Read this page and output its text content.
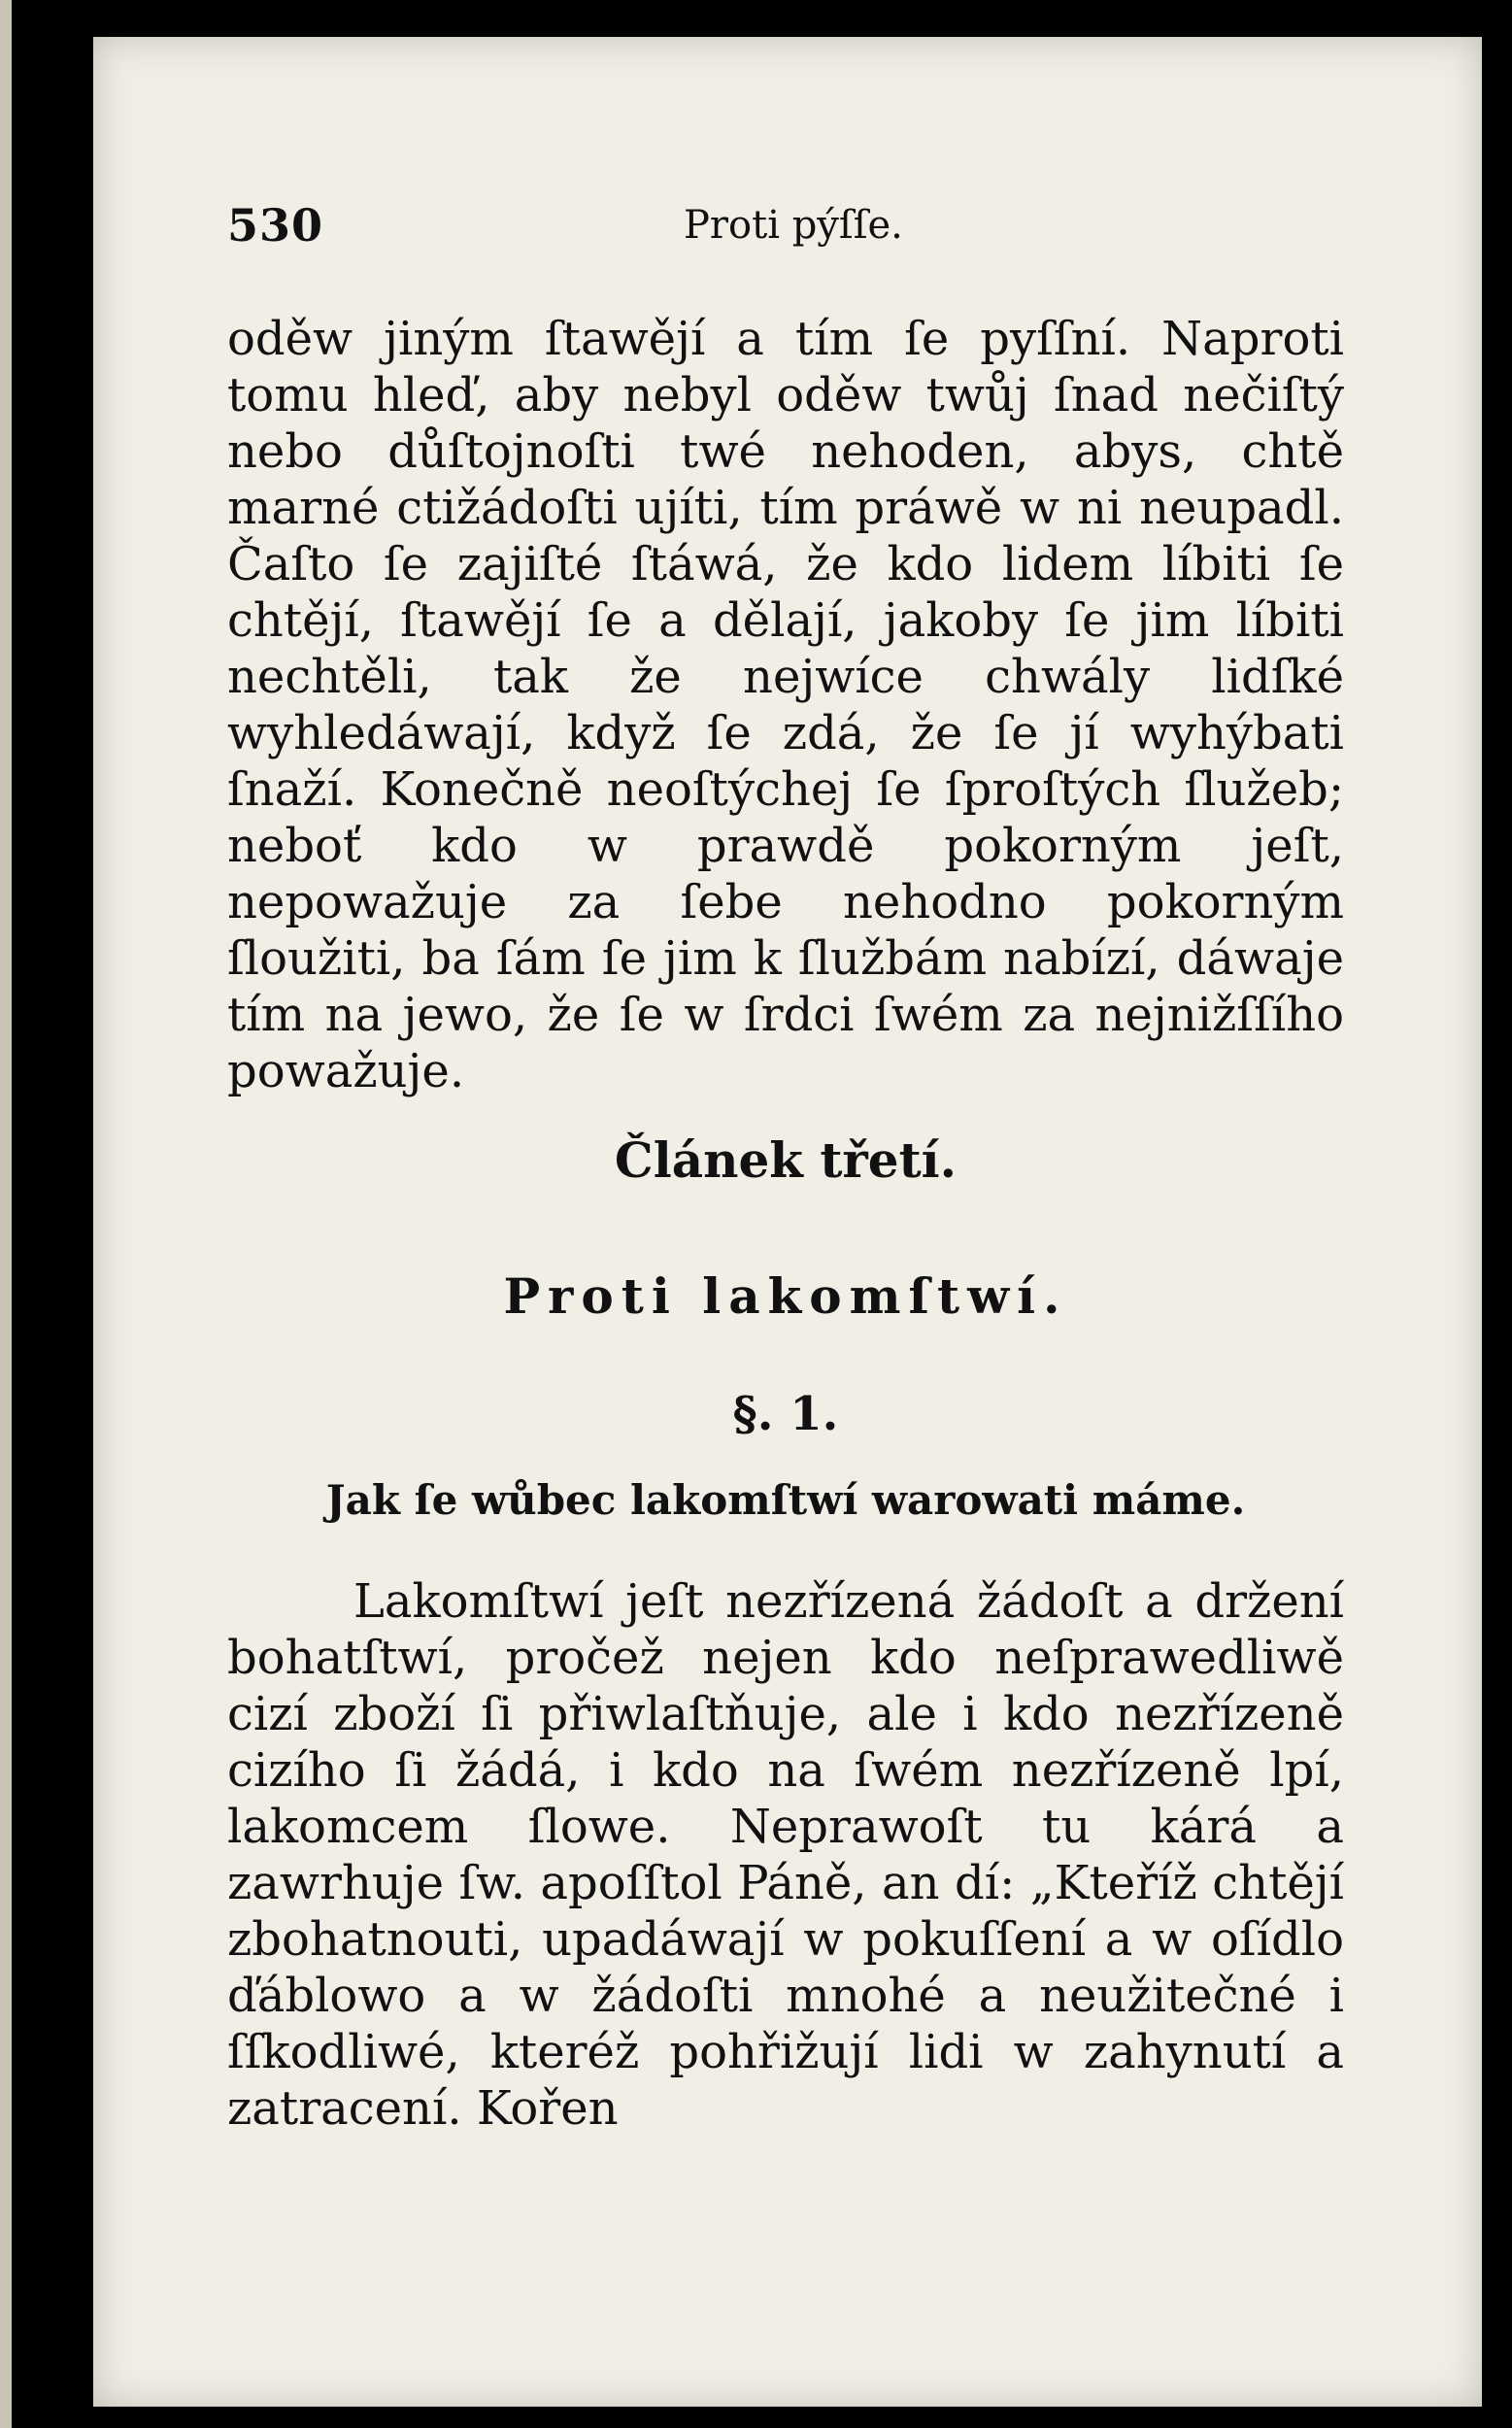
530	Proti pýſſe.
oděw jiným ſtawějí a tím ſe pyſſní. Naproti tomu hleď, aby nebyl oděw twůj ſnad nečiſtý nebo důſtojnoſti twé nehoden, abys, chtě marné ctižádoſti ujíti, tím práwě w ni neupadl. Čaſto ſe zajiſté ſtáwá, že kdo lidem líbiti ſe chtějí, ſtawějí ſe a dělají, jakoby ſe jim líbiti nechtěli, tak že nejwíce chwály lidſké wyhledáwají, když ſe zdá, že ſe jí wyhýbati ſnaží. Konečně neoſtýchej ſe ſproſtých ſlužeb; neboť kdo w prawdě pokorným jeſt, nepowažuje za ſebe nehodno pokorným ſloužiti, ba ſám ſe jim k ſlužbám nabízí, dáwaje tím na jewo, že ſe w ſrdci ſwém za nejnižſſího powažuje.
Článek třetí.
Proti lakomſtwí.
§. 1.
Jak ſe wůbec lakomſtwí warowati máme.
Lakomſtwí jeſt nezřízená žádoſt a držení bohatſtwí, pročež nejen kdo neſprawedliwě cizí zboží ſi přiwlaſtňuje, ale i kdo nezřízeně cizího ſi žádá, i kdo na ſwém nezřízeně lpí, lakomcem ſlowe. Neprawoſt tu kárá a zawrhuje ſw. apoſſtol Páně, an dí: „Kteříž chtějí zbohatnouti, upadáwají w pokuſſení a w oſídlo ďáblowo a w žádoſti mnohé a neužitečné i ſſkodliwé, kteréž pohřižují lidi w zahynutí a zatracení. Kořen
